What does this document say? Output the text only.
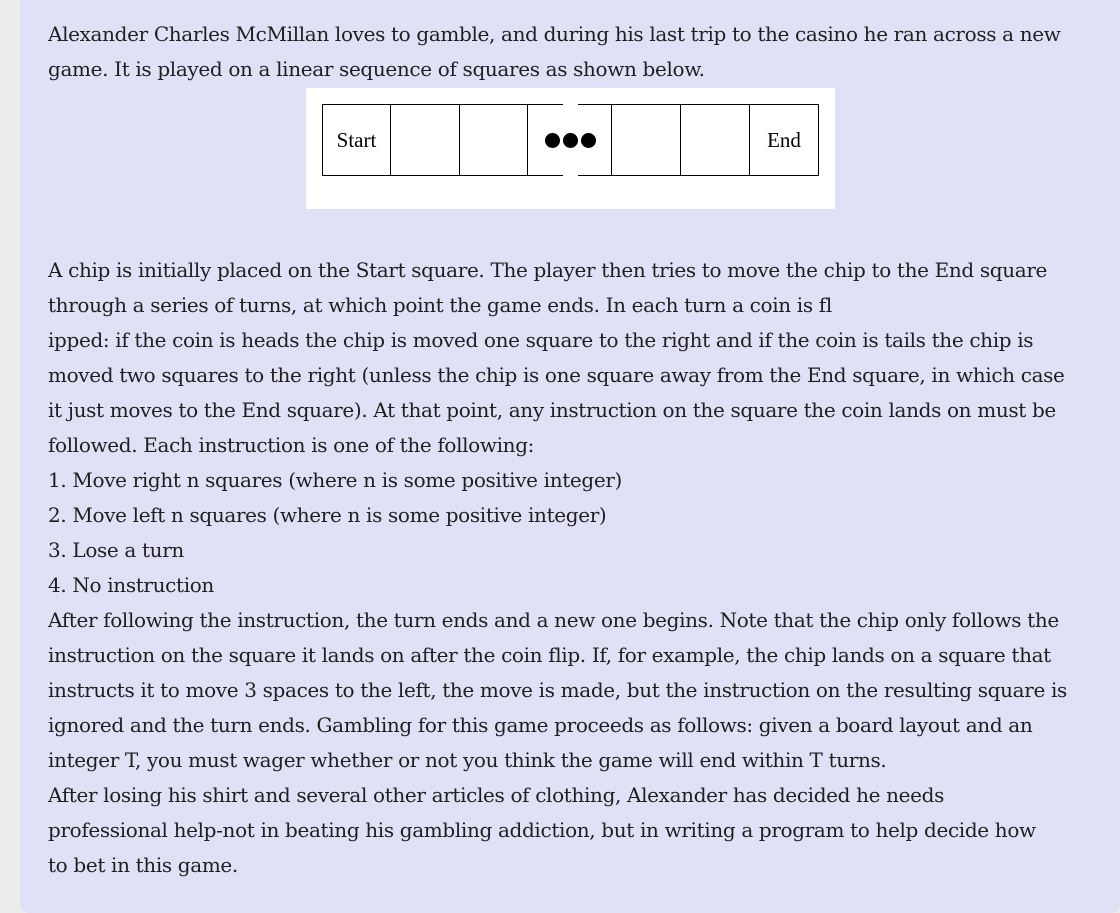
Alexander Charles McMillan loves to gamble, and during his last trip to the casino he ran across a new
game. It is played on a linear sequence of squares as shown below.

Start	End

A chip is initially placed on the Start square. The player then tries to move the chip to the End square
through a series of turns, at which point the game ends. In each turn a coin is fl
ipped: if the coin is heads the chip is moved one square to the right and if the coin is tails the chip is
moved two squares to the right (unless the chip is one square away from the End square, in which case
it just moves to the End square). At that point, any instruction on the square the coin lands on must be
followed. Each instruction is one of the following:
1. Move right n squares (where n is some positive integer)
2. Move left n squares (where n is some positive integer)
3. Lose a turn
4. No instruction
After following the instruction, the turn ends and a new one begins. Note that the chip only follows the
instruction on the square it lands on after the coin flip. If, for example, the chip lands on a square that
instructs it to move 3 spaces to the left, the move is made, but the instruction on the resulting square is
ignored and the turn ends. Gambling for this game proceeds as follows: given a board layout and an
integer T, you must wager whether or not you think the game will end within T turns.
After losing his shirt and several other articles of clothing, Alexander has decided he needs
professional help-not in beating his gambling addiction, but in writing a program to help decide how
to bet in this game.
